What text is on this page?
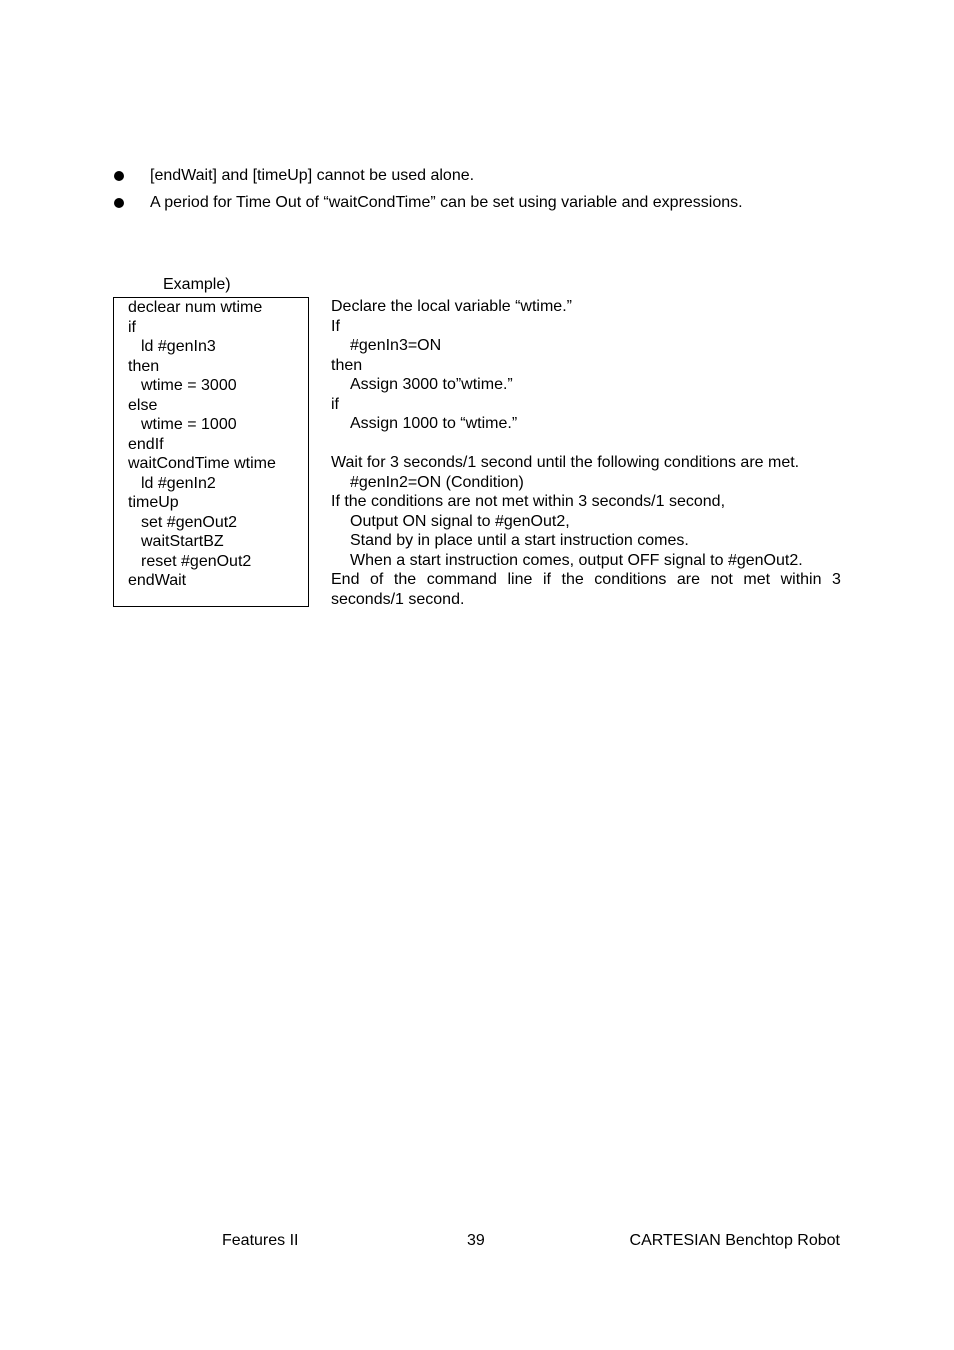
[endWait] and [timeUp] cannot be used alone.
A period for Time Out of “waitCondTime” can be set using variable and expressions.
Example)
declear num wtime
if
ld #genIn3
then
wtime = 3000
else
wtime = 1000
endIf
waitCondTime wtime
ld #genIn2
timeUp
set #genOut2
waitStartBZ
reset #genOut2
endWait
Declare the local variable “wtime.”
If
#genIn3=ON
then
Assign 3000 to”wtime.”
if
Assign 1000 to “wtime.”
Wait for 3 seconds/1 second until the following conditions are met.
#genIn2=ON (Condition)
If the conditions are not met within 3 seconds/1 second,
Output ON signal to #genOut2,
Stand by in place until a start instruction comes.
When a start instruction comes, output OFF signal to #genOut2.
End of the command line if the conditions are not met within 3
seconds/1 second.
Features II	39	CARTESIAN Benchtop Robot
